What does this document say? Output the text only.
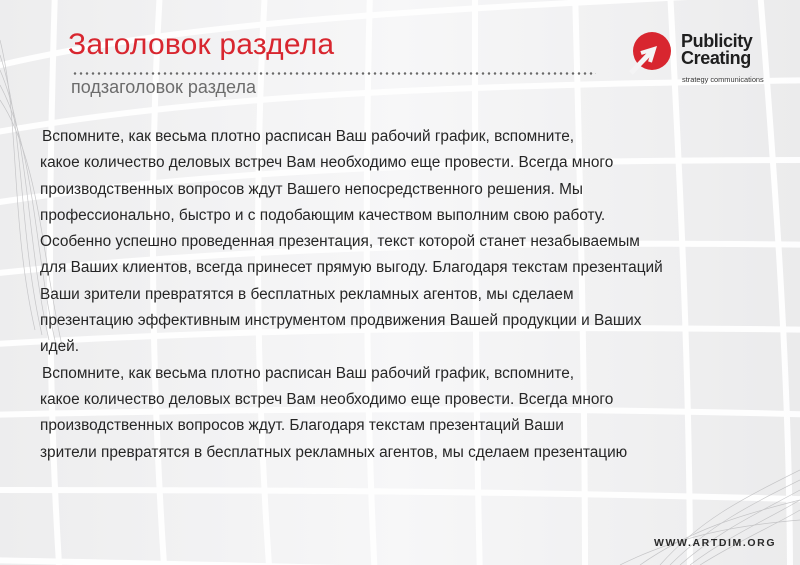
Заголовок раздела
подзаголовок раздела
Publicity
Creating
strategy communications

Вспомните, как весьма плотно расписан Ваш рабочий график, вспомните,
какое количество деловых встреч Вам необходимо еще провести. Всегда много
производственных вопросов ждут Вашего непосредственного решения. Мы
профессионально, быстро и с подобающим качеством выполним свою работу.
Особенно успешно проведенная презентация, текст которой станет незабываемым
для Ваших клиентов, всегда принесет прямую выгоду. Благодаря текстам презентаций
Ваши зрители превратятся в бесплатных рекламных агентов, мы сделаем
презентацию эффективным инструментом продвижения Вашей продукции и Ваших
идей.

Вспомните, как весьма плотно расписан Ваш рабочий график, вспомните,
какое количество деловых встреч Вам необходимо еще провести. Всегда много
производственных вопросов ждут. Благодаря текстам презентаций Ваши
зрители превратятся в бесплатных рекламных агентов, мы сделаем презентацию

WWW.ARTDIM.ORG
